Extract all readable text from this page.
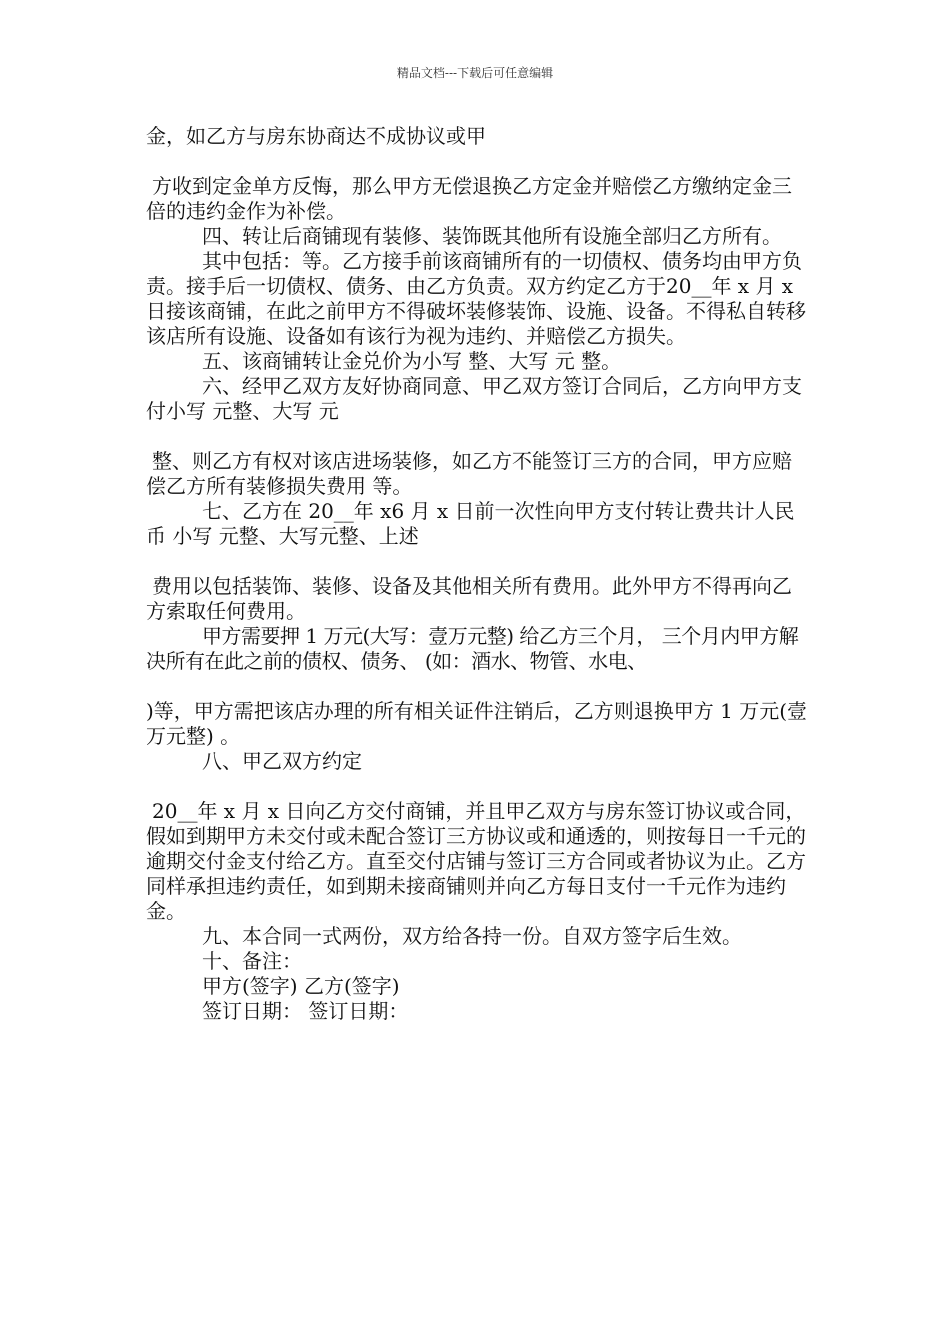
精品文档---下载后可任意编辑

金，如乙方与房东协商达不成协议或甲

方收到定金单方反悔，那么甲方无偿退换乙方定金并赔偿乙方缴纳定金三倍的违约金作为补偿。

四、转让后商铺现有装修、装饰既其他所有设施全部归乙方所有。

其中包括：等。乙方接手前该商铺所有的一切债权、债务均由甲方负责。接手后一切债权、债务、由乙方负责。双方约定乙方于20__年 x 月 x 日接该商铺，在此之前甲方不得破坏装修装饰、设施、设备。不得私自转移该店所有设施、设备如有该行为视为违约、并赔偿乙方损失。

五、该商铺转让金兑价为小写 整、大写 元 整。

六、经甲乙双方友好协商同意、甲乙双方签订合同后，乙方向甲方支付小写 元整、大写 元

整、则乙方有权对该店进场装修，如乙方不能签订三方的合同，甲方应赔偿乙方所有装修损失费用 等。

七、乙方在 20__年 x6 月 x 日前一次性向甲方支付转让费共计人民币 小写 元整、大写元整、上述

费用以包括装饰、装修、设备及其他相关所有费用。此外甲方不得再向乙方索取任何费用。

甲方需要押 1 万元(大写：壹万元整) 给乙方三个月， 三个月内甲方解决所有在此之前的债权、债务、 (如：酒水、物管、水电、

)等，甲方需把该店办理的所有相关证件注销后，乙方则退换甲方 1 万元(壹万元整) 。

八、甲乙双方约定

20__年 x 月 x 日向乙方交付商铺，并且甲乙双方与房东签订协议或合同，假如到期甲方未交付或未配合签订三方协议或和通透的，则按每日一千元的逾期交付金支付给乙方。直至交付店铺与签订三方合同或者协议为止。乙方同样承担违约责任，如到期未接商铺则并向乙方每日支付一千元作为违约金。

九、本合同一式两份，双方给各持一份。自双方签字后生效。

十、备注：

甲方(签字) 乙方(签字)

签订日期： 签订日期：
